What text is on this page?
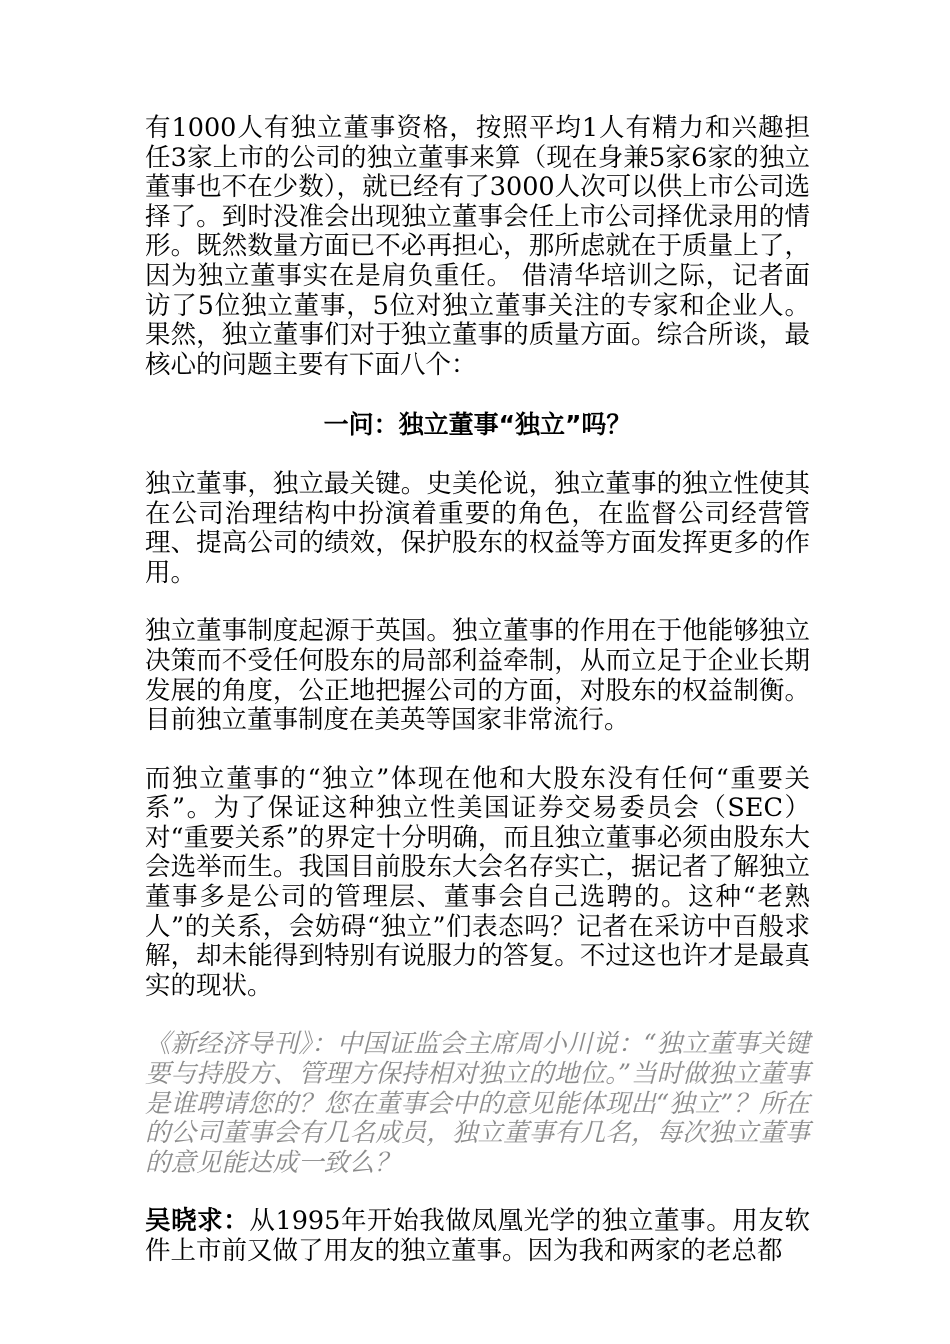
有1000人有独立董事资格，按照平均1人有精力和兴趣担任3家上市的公司的独立董事来算（现在身兼5家6家的独立董事也不在少数），就已经有了3000人次可以供上市公司选择了。到时没准会出现独立董事会任上市公司择优录用的情形。既然数量方面已不必再担心，那所虑就在于质量上了，因为独立董事实在是肩负重任。 借清华培训之际，记者面访了5位独立董事，5位对独立董事关注的专家和企业人。果然，独立董事们对于独立董事的质量方面。综合所谈，最核心的问题主要有下面八个：

一问：独立董事“独立”吗？

独立董事，独立最关键。史美伦说，独立董事的独立性使其在公司治理结构中扮演着重要的角色，在监督公司经营管理、提高公司的绩效，保护股东的权益等方面发挥更多的作用。

独立董事制度起源于英国。独立董事的作用在于他能够独立决策而不受任何股东的局部利益牵制，从而立足于企业长期发展的角度，公正地把握公司的方面，对股东的权益制衡。目前独立董事制度在美英等国家非常流行。

而独立董事的“独立”体现在他和大股东没有任何“重要关系”。为了保证这种独立性美国证券交易委员会（SEC）对“重要关系”的界定十分明确，而且独立董事必须由股东大会选举而生。我国目前股东大会名存实亡，据记者了解独立董事多是公司的管理层、董事会自己选聘的。这种“老熟人”的关系，会妨碍“独立”们表态吗？记者在采访中百般求解，却未能得到特别有说服力的答复。不过这也许才是最真实的现状。

《新经济导刊》：中国证监会主席周小川说：“独立董事关键要与持股方、管理方保持相对独立的地位。”当时做独立董事是谁聘请您的？您在董事会中的意见能体现出“独立”？所在的公司董事会有几名成员，独立董事有几名，每次独立董事的意见能达成一致么？

吴晓求：从1995年开始我做凤凰光学的独立董事。用友软件上市前又做了用友的独立董事。因为我和两家的老总都
